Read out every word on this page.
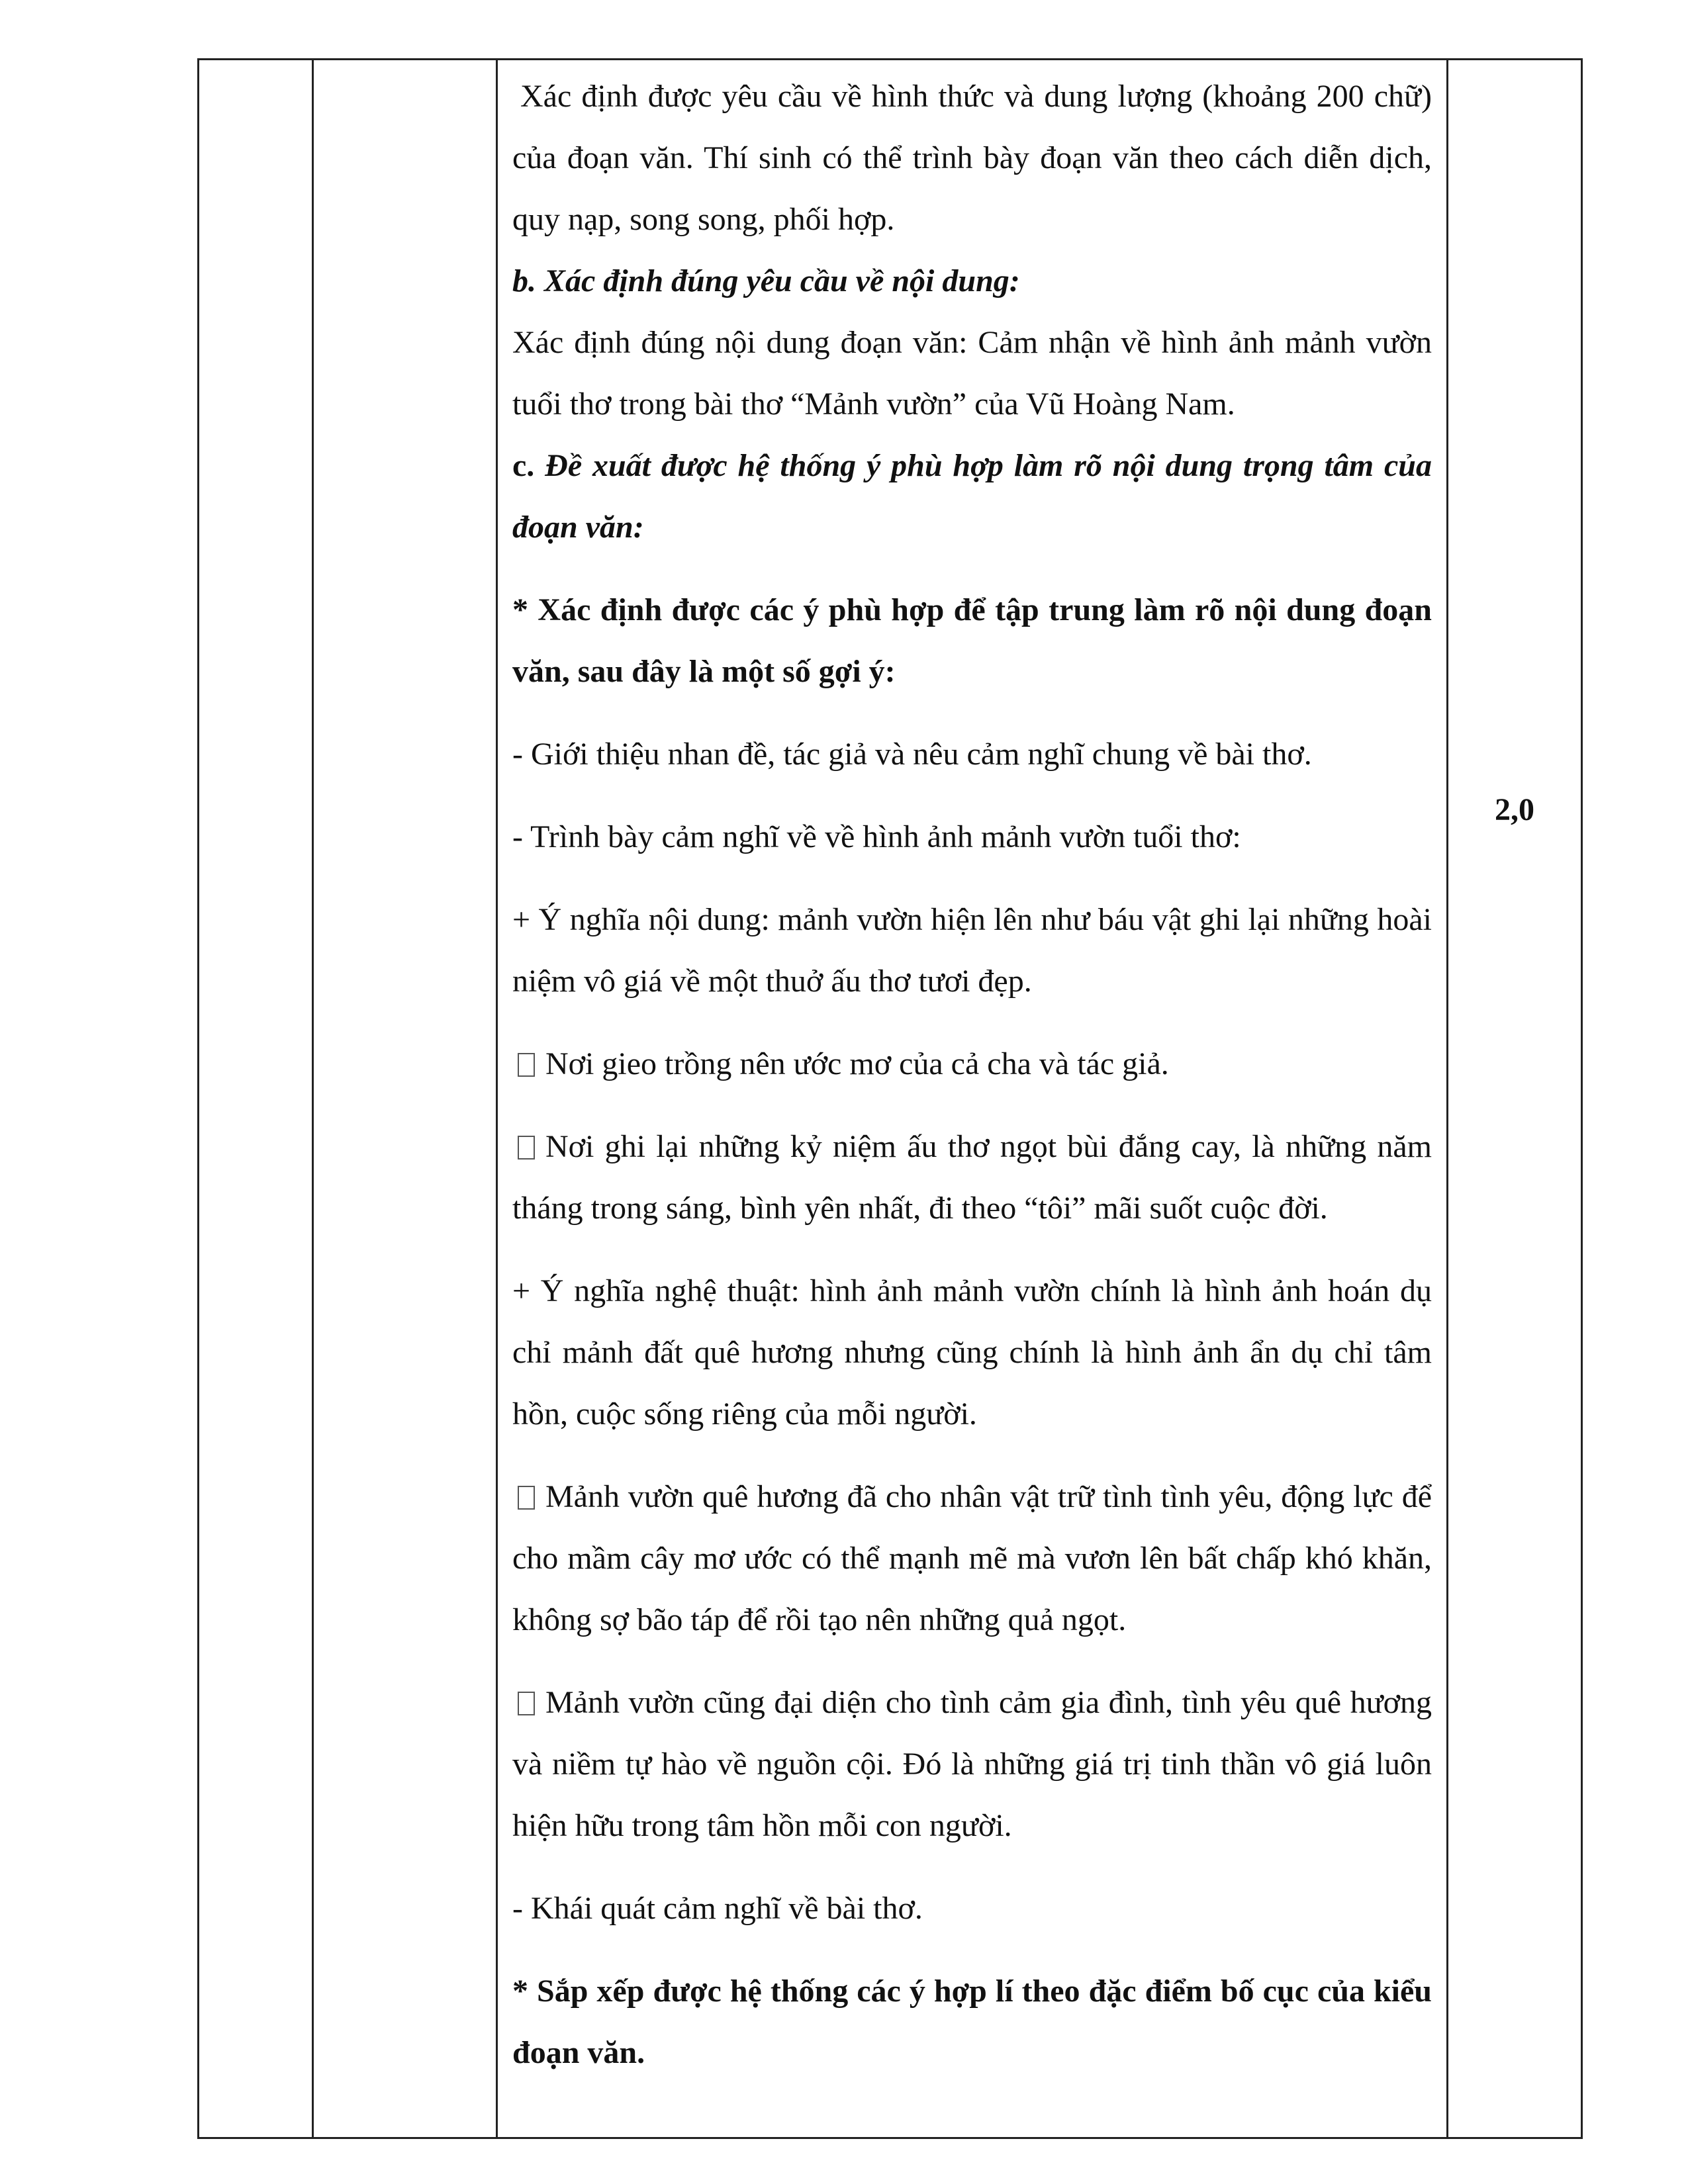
Xác định được yêu cầu về hình thức và dung lượng (khoảng 200 chữ) của đoạn văn. Thí sinh có thể trình bày đoạn văn theo cách diễn dịch, quy nạp, song song, phối hợp.

b. Xác định đúng yêu cầu về nội dung:

Xác định đúng nội dung đoạn văn: Cảm nhận về hình ảnh mảnh vườn tuổi thơ trong bài thơ “Mảnh vườn” của Vũ Hoàng Nam.

c. Đề xuất được hệ thống ý phù hợp làm rõ nội dung trọng tâm của đoạn văn:

* Xác định được các ý phù hợp để tập trung làm rõ nội dung đoạn văn, sau đây là một số gợi ý:

- Giới thiệu nhan đề, tác giả và nêu cảm nghĩ chung về bài thơ.

- Trình bày cảm nghĩ về về hình ảnh mảnh vườn tuổi thơ:

+ Ý nghĩa nội dung: mảnh vườn hiện lên như báu vật ghi lại những hoài niệm vô giá về một thuở ấu thơ tươi đẹp.

Nơi gieo trồng nên ước mơ của cả cha và tác giả.

Nơi ghi lại những kỷ niệm ấu thơ ngọt bùi đắng cay, là những năm tháng trong sáng, bình yên nhất, đi theo “tôi” mãi suốt cuộc đời.

+ Ý nghĩa nghệ thuật: hình ảnh mảnh vườn chính là hình ảnh hoán dụ chỉ mảnh đất quê hương nhưng cũng chính là hình ảnh ẩn dụ chỉ tâm hồn, cuộc sống riêng của mỗi người.

Mảnh vườn quê hương đã cho nhân vật trữ tình tình yêu, động lực để cho mầm cây mơ ước có thể mạnh mẽ mà vươn lên bất chấp khó khăn, không sợ bão táp để rồi tạo nên những quả ngọt.

Mảnh vườn cũng đại diện cho tình cảm gia đình, tình yêu quê hương và niềm tự hào về nguồn cội. Đó là những giá trị tinh thần vô giá luôn hiện hữu trong tâm hồn mỗi con người.

- Khái quát cảm nghĩ về bài thơ.

* Sắp xếp được hệ thống các ý hợp lí theo đặc điểm bố cục của kiểu đoạn văn.

2,0
